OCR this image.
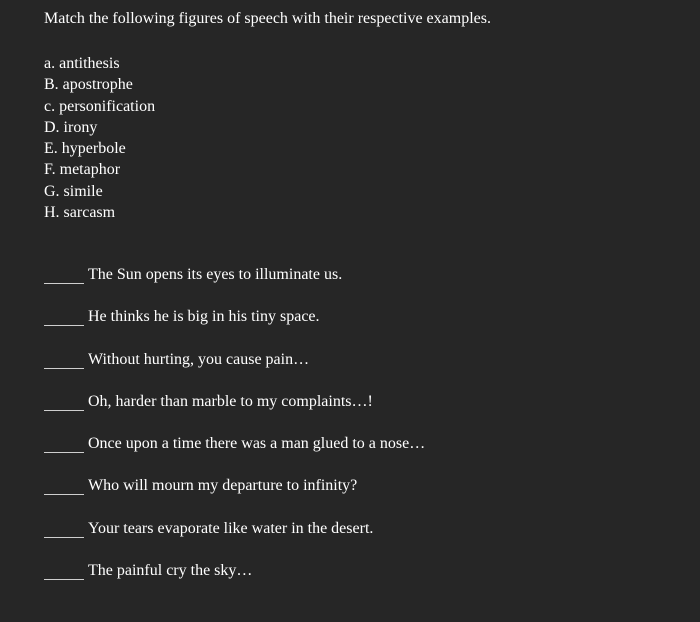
Match the following figures of speech with their respective examples.
a. antithesis
B. apostrophe
c. personification
D. irony
E. hyperbole
F. metaphor
G. simile
H. sarcasm
The Sun opens its eyes to illuminate us.
He thinks he is big in his tiny space.
Without hurting, you cause pain…
Oh, harder than marble to my complaints…!
Once upon a time there was a man glued to a nose…
Who will mourn my departure to infinity?
Your tears evaporate like water in the desert.
The painful cry the sky…
